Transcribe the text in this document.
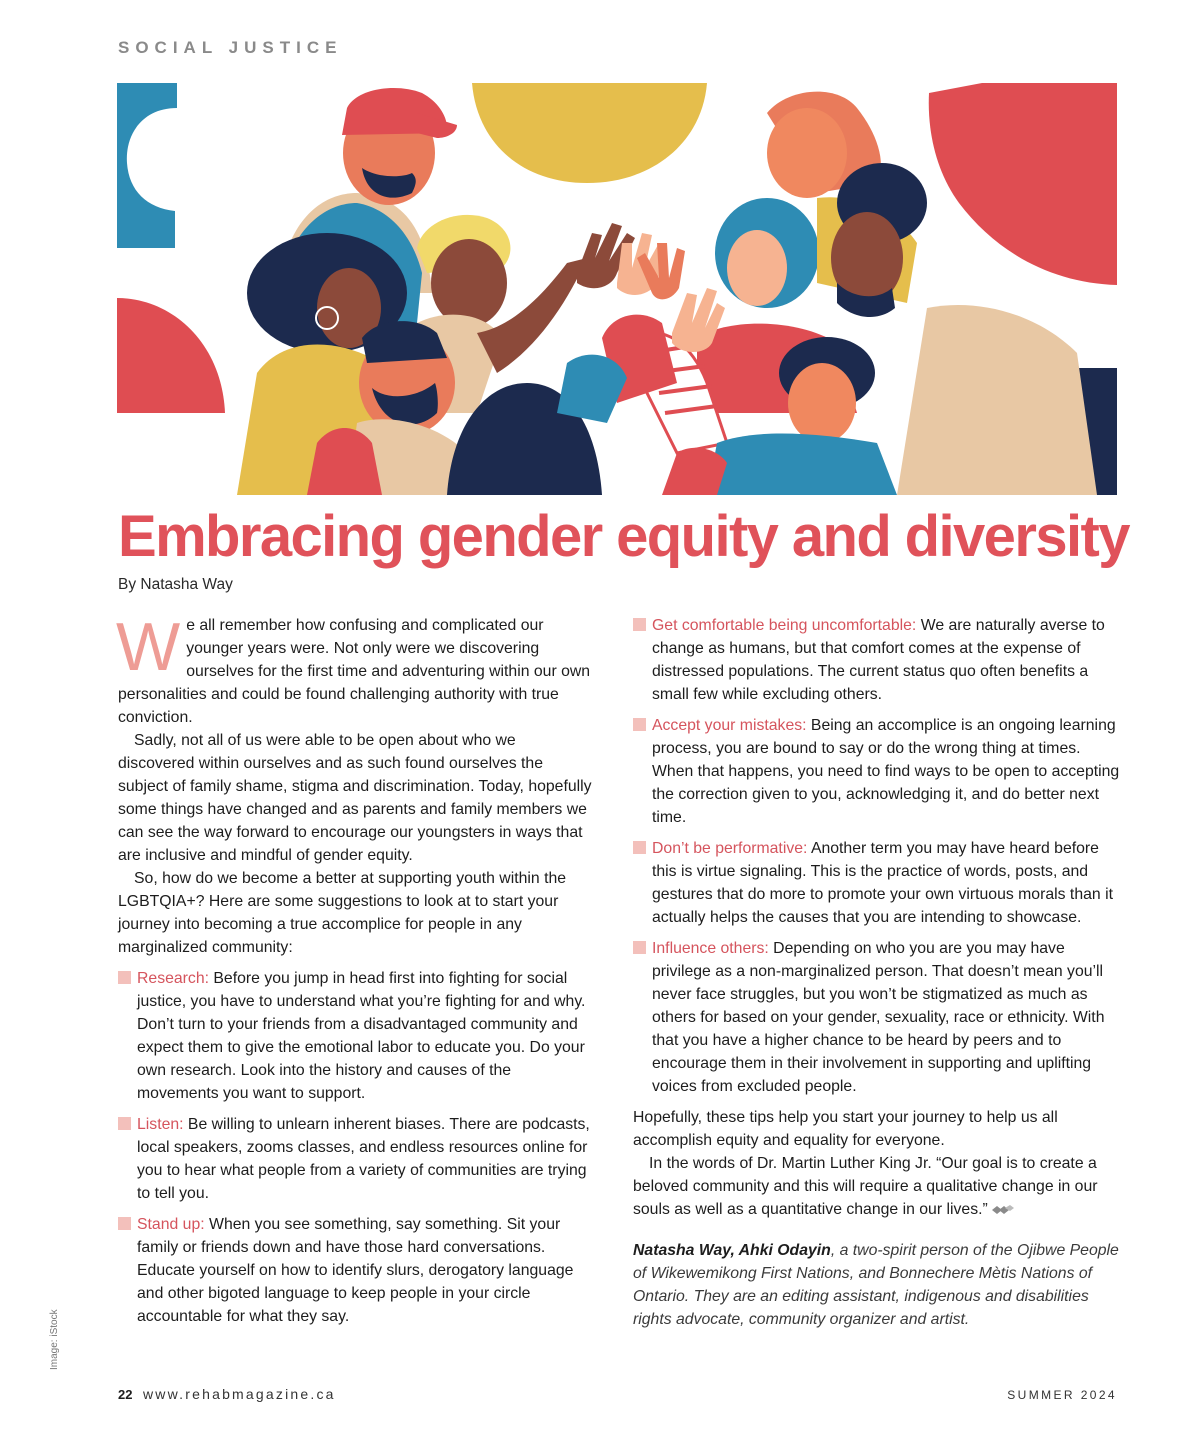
SOCIAL JUSTICE
Embracing gender equity and diversity
By Natasha Way

We all remember how confusing and complicated our younger years were. Not only were we discovering ourselves for the first time and adventuring within our own personalities and could be found challenging authority with true conviction.

Sadly, not all of us were able to be open about who we discovered within ourselves and as such found ourselves the subject of family shame, stigma and discrimination. Today, hopefully some things have changed and as parents and family members we can see the way forward to encourage our youngsters in ways that are inclusive and mindful of gender equity.

So, how do we become a better at supporting youth within the LGBTQIA+? Here are some suggestions to look at to start your journey into becoming a true accomplice for people in any marginalized community:

Research: Before you jump in head first into fighting for social justice, you have to understand what you’re fighting for and why. Don’t turn to your friends from a disadvantaged community and expect them to give the emotional labor to educate you. Do your own research. Look into the history and causes of the movements you want to support.
Listen: Be willing to unlearn inherent biases. There are podcasts, local speakers, zooms classes, and endless resources online for you to hear what people from a variety of communities are trying to tell you.
Stand up: When you see something, say something. Sit your family or friends down and have those hard conversations. Educate yourself on how to identify slurs, derogatory language and other bigoted language to keep people in your circle accountable for what they say.
Get comfortable being uncomfortable: We are naturally averse to change as humans, but that comfort comes at the expense of distressed populations. The current status quo often benefits a small few while excluding others.
Accept your mistakes: Being an accomplice is an ongoing learning process, you are bound to say or do the wrong thing at times. When that happens, you need to find ways to be open to accepting the correction given to you, acknowledging it, and do better next time.
Don’t be performative: Another term you may have heard before this is virtue signaling. This is the practice of words, posts, and gestures that do more to promote your own virtuous morals than it actually helps the causes that you are intending to showcase.
Influence others: Depending on who you are you may have privilege as a non-marginalized person. That doesn’t mean you’ll never face struggles, but you won’t be stigmatized as much as others for based on your gender, sexuality, race or ethnicity. With that you have a higher chance to be heard by peers and to encourage them in their involvement in supporting and uplifting voices from excluded people.

Hopefully, these tips help you start your journey to help us all accomplish equity and equality for everyone.

In the words of Dr. Martin Luther King Jr. “Our goal is to create a beloved community and this will require a qualitative change in our souls as well as a quantitative change in our lives.”

Natasha Way, Ahki Odayin, a two-spirit person of the Ojibwe People of Wikewemikong First Nations, and Bonnechere Mètis Nations of Ontario. They are an editing assistant, indigenous and disabilities rights advocate, community organizer and artist.

Image: iStock
22 www.rehabmagazine.ca	SUMMER 2024
